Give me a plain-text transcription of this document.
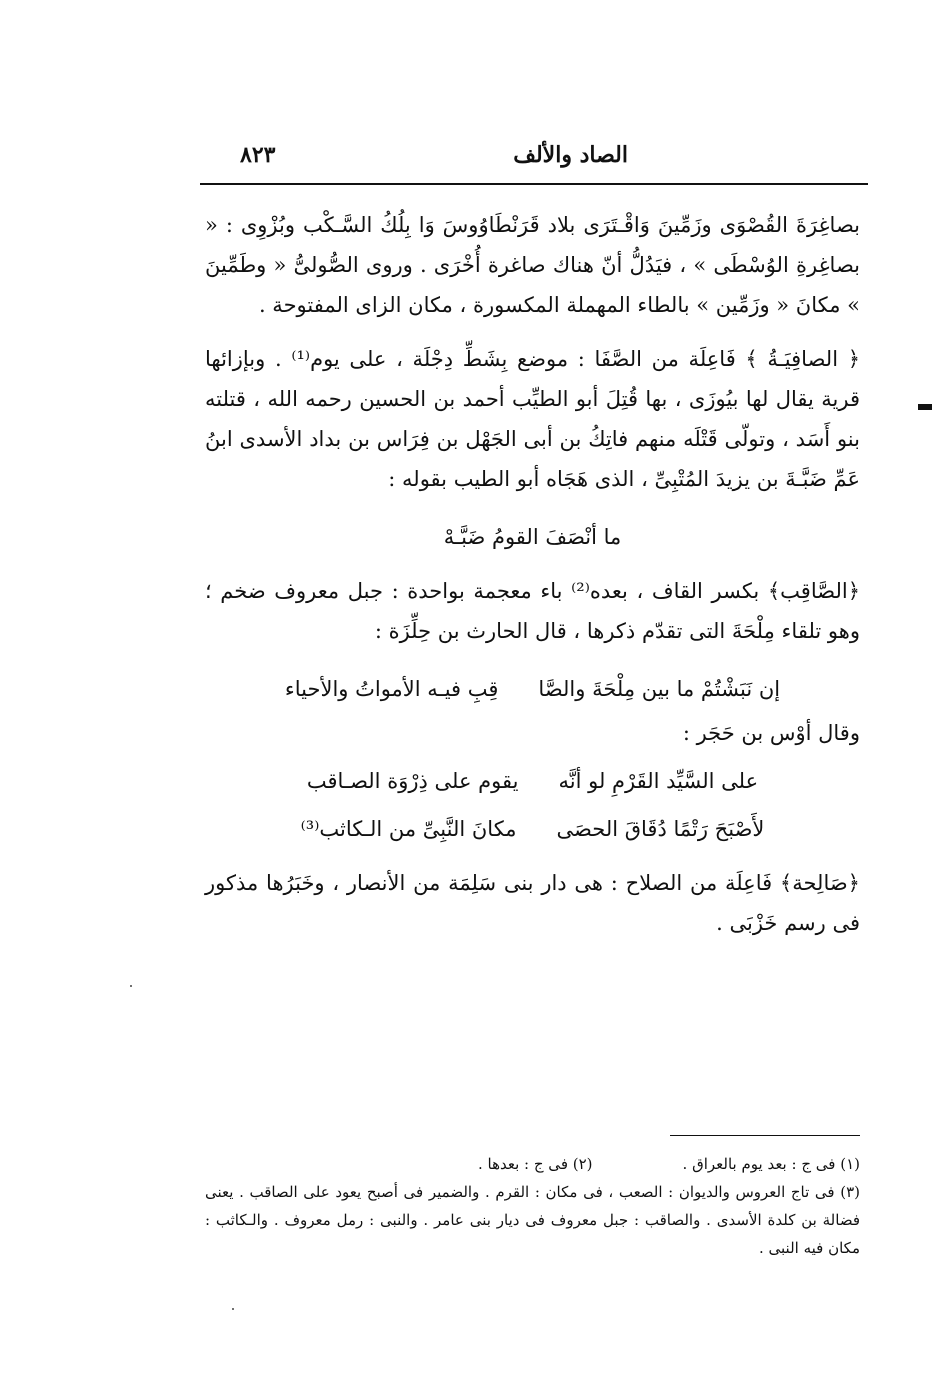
الصاد والألف
٨٢٣

بصاغِرَةَ القُصْوَى وزَمِّينَ وَاقْـتَرَى بلاد قَرَنْطَاوُوسَ وَا بِلُكُ السَّـكْب وبُزْوِى : « بصاغِرةِ الوُسْطَى » ، فيَدُلُّ أنّ هناك صاغرة أُخْرَى . وروى الصُّولىُّ « وطَمِّينَ » مكانَ « وزَمِّين » بالطاء المهملة المكسورة ، مكان الزاى المفتوحة .

﴿ الصافِيَـةُ ﴾ فَاعِلَة من الصَّفَا : موضع بِشَطِّ دِجْلَة ، على يوم⁽¹⁾ . وبإزائها قرية يقال لها بيُوزَى ، بها قُتِلَ أبو الطيِّب أحمد بن الحسين رحمه الله ، قتلته بنو أَسَد ، وتولّى قَتْلَه منهم فاتِكُ بن أبى الجَهْل بن فِرَاس بن بداد الأسدى ابنُ عَمِّ ضَبَّـةَ بن يزيدَ المُتْبِىِّ ، الذى هَجَاه أبو الطيب بقوله :

ما أنْصَفَ القومُ ضَبَّـهْ

﴿الصَّاقِب﴾ بكسر القاف ، بعده⁽²⁾ باء معجمة بواحدة : جبل معروف ضخم ؛ وهو تلقاء مِلْحَةَ التى تقدّم ذكرها ، قال الحارث بن حِلِّزَة :

إن نَبَشْتُمْ ما بين مِلْحَةَ والصَّا
قِبِ فيـه الأمواتُ والأحياء

وقال أوْس بن حَجَر :

على السَّيِّد القَرْمِ لو أنَّه
يقوم على ذِرْوَة الصـاقب
لأَصْبَحَ رَتْمًا دُقَاقَ الحصَى
مكانَ النَّبِىِّ من الـكاثب⁽³⁾

﴿صَالِحة﴾ فَاعِلَة من الصلاح : هى دار بنى سَلِمَة من الأنصار ، وخَبَرُها مذكور فى رسم خَزْبَى .

(١) فى ج : بعد يوم بالعراق .
(٢) فى ج : بعدها .

(٣) فى تاج العروس والديوان : الصعب ، فى مكان : القرم . والضمير فى أصبح يعود على الصاقب . يعنى فضالة بن كلدة الأسدى . والصاقب : جبل معروف فى ديار بنى عامر . والنبى : رمل معروف . والـكاثب : مكان فيه النبى .
